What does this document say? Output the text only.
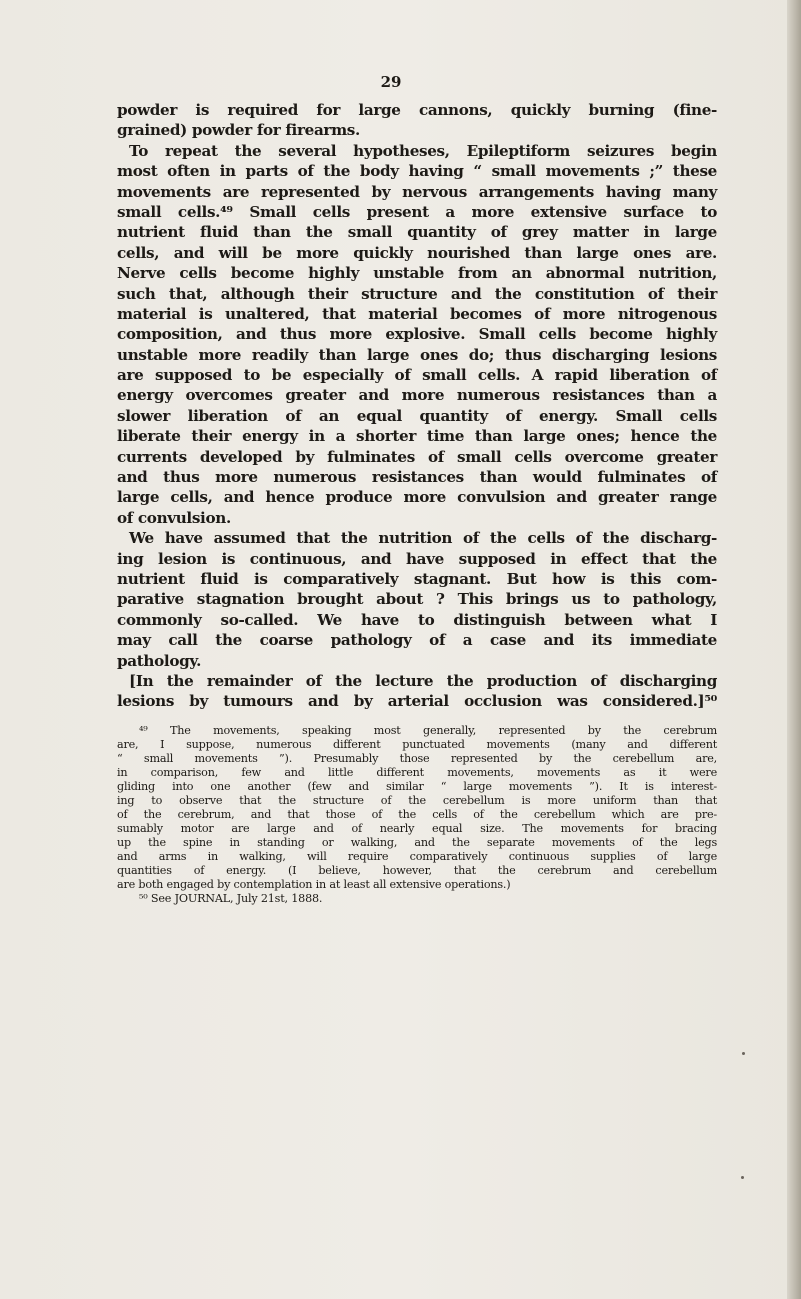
29
powder is required for large cannons, quickly burning (fine-
grained) powder for firearms.
To repeat the several hypotheses, Epileptiform seizures begin
most often in parts of the body having “ small movements ;” these
movements are represented by nervous arrangements having many
small cells.⁴⁹ Small cells present a more extensive surface to
nutrient fluid than the small quantity of grey matter in large
cells, and will be more quickly nourished than large ones are.
Nerve cells become highly unstable from an abnormal nutrition,
such that, although their structure and the constitution of their
material is unaltered, that material becomes of more nitrogenous
composition, and thus more explosive. Small cells become highly
unstable more readily than large ones do; thus discharging lesions
are supposed to be especially of small cells. A rapid liberation of
energy overcomes greater and more numerous resistances than a
slower liberation of an equal quantity of energy. Small cells
liberate their energy in a shorter time than large ones; hence the
currents developed by fulminates of small cells overcome greater
and thus more numerous resistances than would fulminates of
large cells, and hence produce more convulsion and greater range
of convulsion.
We have assumed that the nutrition of the cells of the discharg-
ing lesion is continuous, and have supposed in effect that the
nutrient fluid is comparatively stagnant. But how is this com-
parative stagnation brought about ? This brings us to pathology,
commonly so-called. We have to distinguish between what I
may call the coarse pathology of a case and its immediate
pathology.
[In the remainder of the lecture the production of discharging
lesions by tumours and by arterial occlusion was considered.]⁵⁰
⁴⁹ The movements, speaking most generally, represented by the cerebrum
are, I suppose, numerous different punctuated movements (many and different
“ small movements ”). Presumably those represented by the cerebellum are,
in comparison, few and little different movements, movements as it were
gliding into one another (few and similar “ large movements ”). It is interest-
ing to observe that the structure of the cerebellum is more uniform than that
of the cerebrum, and that those of the cells of the cerebellum which are pre-
sumably motor are large and of nearly equal size. The movements for bracing
up the spine in standing or walking, and the separate movements of the legs
and arms in walking, will require comparatively continuous supplies of large
quantities of energy. (I believe, however, that the cerebrum and cerebellum
are both engaged by contemplation in at least all extensive operations.)
⁵⁰ See JOURNAL, July 21st, 1888.
